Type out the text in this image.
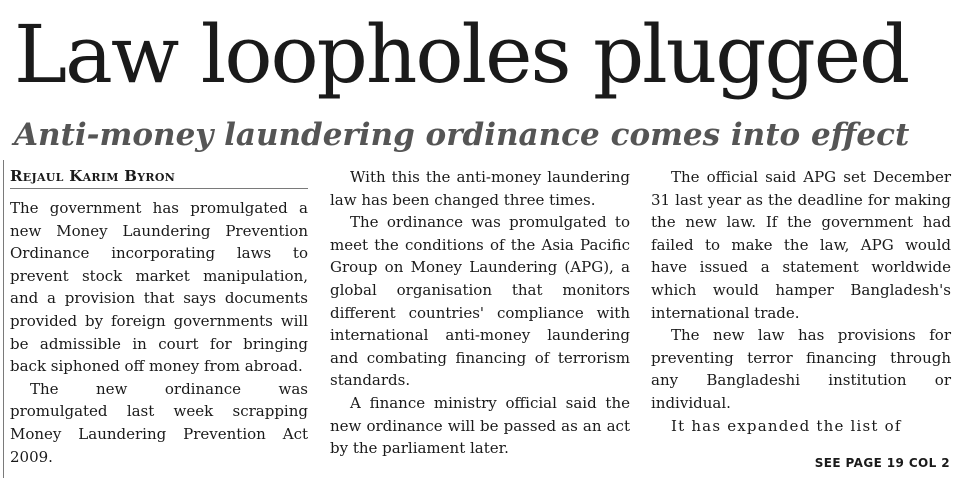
Law loopholes plugged
Anti-money laundering ordinance comes into effect
Rejaul Karim Byron

The government has promulgated a new Money Laundering Prevention Ordinance incorporating laws to prevent stock market manipulation, and a provision that says documents provided by foreign governments will be admissible in court for bringing back siphoned off money from abroad.

The new ordinance was promulgated last week scrapping Money Laundering Prevention Act 2009.

With this the anti-money laundering law has been changed three times.

The ordinance was promulgated to meet the conditions of the Asia Pacific Group on Money Laundering (APG), a global organisation that monitors different countries' compliance with international anti-money laundering and combating financing of terrorism standards.

A finance ministry official said the new ordinance will be passed as an act by the parliament later.

The official said APG set December 31 last year as the deadline for making the new law. If the government had failed to make the law, APG would have issued a statement worldwide which would hamper Bangladesh's international trade.

The new law has provisions for preventing terror financing through any Bangladeshi institution or individual.

It has expanded the list of

SEE PAGE 19 COL 2
